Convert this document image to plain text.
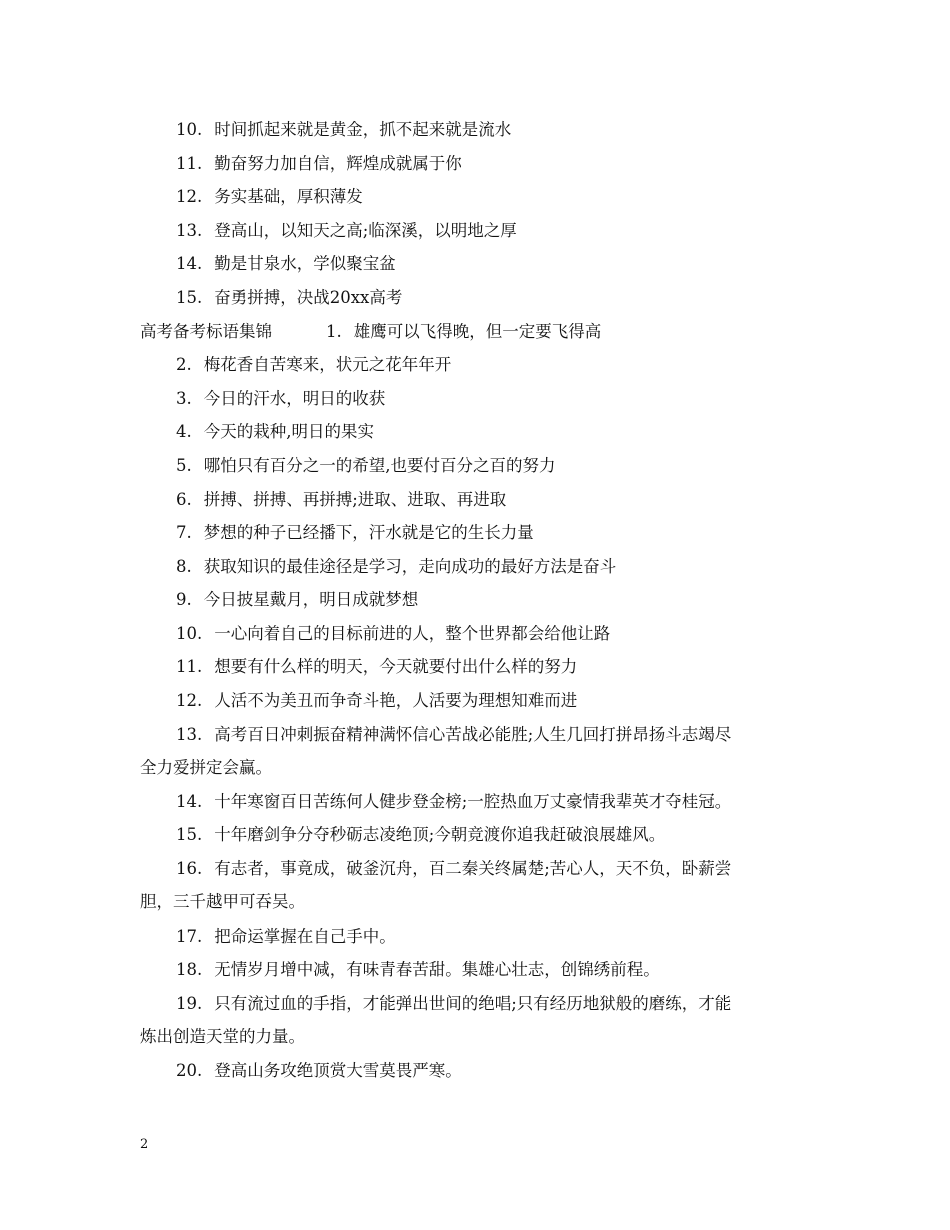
10. 时间抓起来就是黄金，抓不起来就是流水
11. 勤奋努力加自信，辉煌成就属于你
12. 务实基础，厚积薄发
13. 登高山，以知天之高;临深溪，以明地之厚
14. 勤是甘泉水，学似聚宝盆
15. 奋勇拼搏，决战20xx高考
高考备考标语集锦	1. 雄鹰可以飞得晚，但一定要飞得高
2. 梅花香自苦寒来，状元之花年年开
3. 今日的汗水，明日的收获
4. 今天的栽种,明日的果实
5. 哪怕只有百分之一的希望,也要付百分之百的努力
6. 拼搏、拼搏、再拼搏;进取、进取、再进取
7. 梦想的种子已经播下，汗水就是它的生长力量
8. 获取知识的最佳途径是学习，走向成功的最好方法是奋斗
9. 今日披星戴月，明日成就梦想
10. 一心向着自己的目标前进的人，整个世界都会给他让路
11. 想要有什么样的明天，今天就要付出什么样的努力
12. 人活不为美丑而争奇斗艳，人活要为理想知难而进
13. 高考百日冲刺振奋精神满怀信心苦战必能胜;人生几回打拼昂扬斗志竭尽
全力爱拼定会赢。
14. 十年寒窗百日苦练何人健步登金榜;一腔热血万丈豪情我辈英才夺桂冠。
15. 十年磨剑争分夺秒砺志凌绝顶;今朝竞渡你追我赶破浪展雄风。
16. 有志者，事竟成，破釜沉舟，百二秦关终属楚;苦心人，天不负，卧薪尝
胆，三千越甲可吞吴。
17. 把命运掌握在自己手中。
18. 无情岁月增中减，有味青春苦甜。集雄心壮志，创锦绣前程。
19. 只有流过血的手指，才能弹出世间的绝唱;只有经历地狱般的磨练，才能
炼出创造天堂的力量。
20. 登高山务攻绝顶赏大雪莫畏严寒。
2
